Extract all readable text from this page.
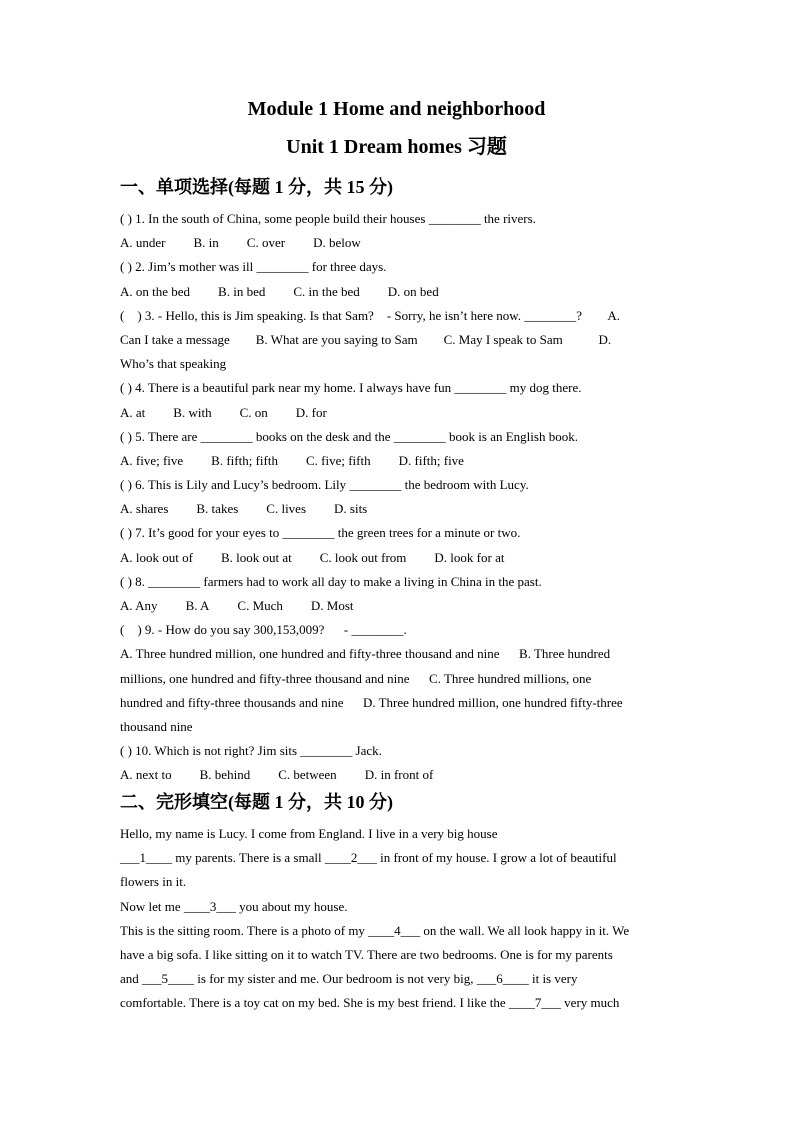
Module 1 Home and neighborhood
Unit 1 Dream homes 习题
一、单项选择(每题 1 分，共 15 分)
( ) 1. In the south of China, some people build their houses ________ the rivers.
A. under B. in C. over D. below
( ) 2. Jim’s mother was ill ________ for three days.
A. on the bed B. in bed C. in the bed D. on bed
(    ) 3. - Hello, this is Jim speaking. Is that Sam?    - Sorry, he isn’t here now. ________?        A.
Can I take a message        B. What are you saying to Sam        C. May I speak to Sam           D.
Who’s that speaking
( ) 4. There is a beautiful park near my home. I always have fun ________ my dog there.
A. at B. with C. on D. for
( ) 5. There are ________ books on the desk and the ________ book is an English book.
A. five; five B. fifth; fifth C. five; fifth D. fifth; five
( ) 6. This is Lily and Lucy’s bedroom. Lily ________ the bedroom with Lucy.
A. shares B. takes C. lives D. sits
( ) 7. It’s good for your eyes to ________ the green trees for a minute or two.
A. look out of B. look out at C. look out from D. look for at
( ) 8. ________ farmers had to work all day to make a living in China in the past.
A. Any B. A C. Much D. Most
(    ) 9. - How do you say 300,153,009?      - ________.
A. Three hundred million, one hundred and fifty-three thousand and nine      B. Three hundred
millions, one hundred and fifty-three thousand and nine      C. Three hundred millions, one
hundred and fifty-three thousands and nine      D. Three hundred million, one hundred fifty-three
thousand nine
( ) 10. Which is not right? Jim sits ________ Jack.
A. next to B. behind C. between D. in front of
二、完形填空(每题 1 分，共 10 分)
Hello, my name is Lucy. I come from England. I live in a very big house
___1____ my parents. There is a small ____2___ in front of my house. I grow a lot of beautiful
flowers in it.
Now let me ____3___ you about my house.
This is the sitting room. There is a photo of my ____4___ on the wall. We all look happy in it. We
have a big sofa. I like sitting on it to watch TV. There are two bedrooms. One is for my parents
and ___5____ is for my sister and me. Our bedroom is not very big, ___6____ it is very
comfortable. There is a toy cat on my bed. She is my best friend. I like the ____7___ very much
